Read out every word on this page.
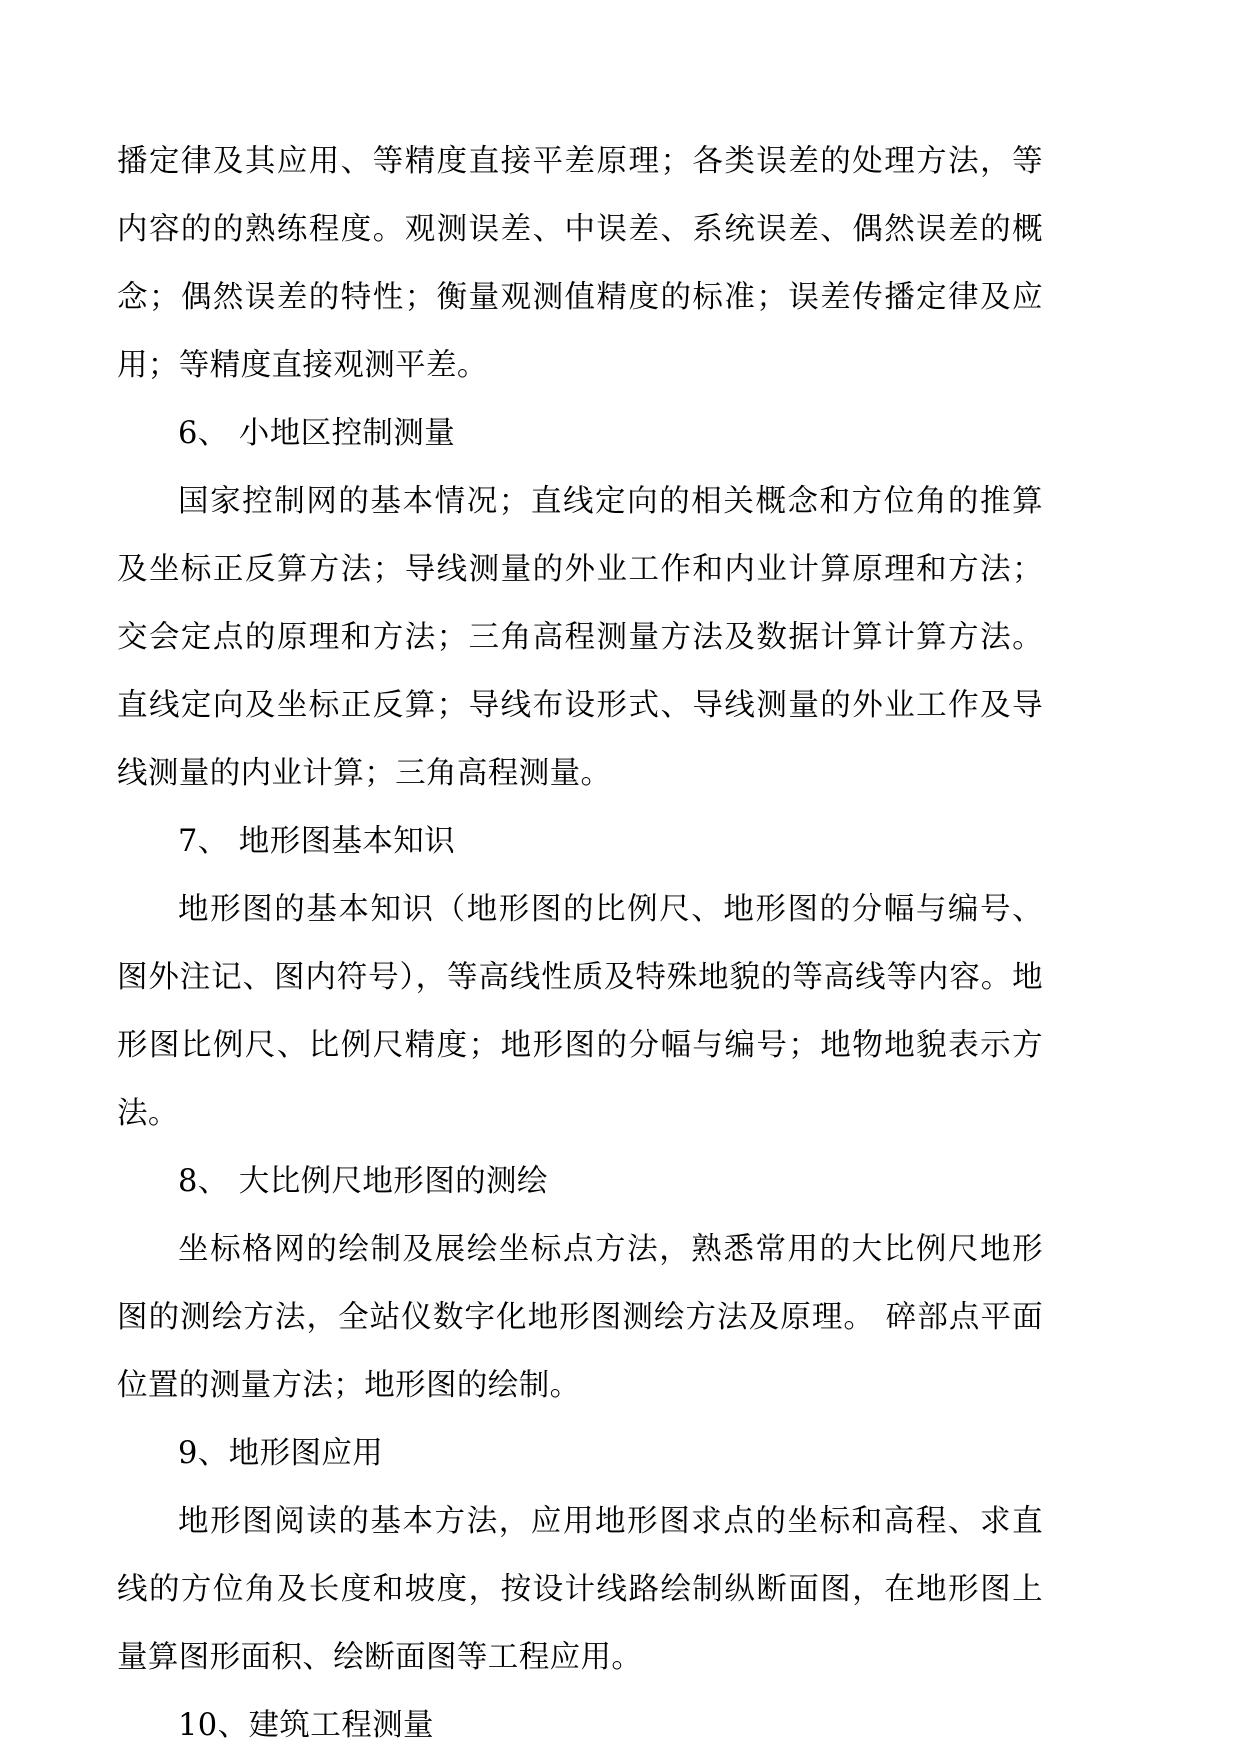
播定律及其应用、等精度直接平差原理；各类误差的处理方法，等内容的的熟练程度。观测误差、中误差、系统误差、偶然误差的概念；偶然误差的特性；衡量观测值精度的标准；误差传播定律及应用；等精度直接观测平差。

6、 小地区控制测量

国家控制网的基本情况；直线定向的相关概念和方位角的推算及坐标正反算方法；导线测量的外业工作和内业计算原理和方法；交会定点的原理和方法；三角高程测量方法及数据计算计算方法。直线定向及坐标正反算；导线布设形式、导线测量的外业工作及导线测量的内业计算；三角高程测量。

7、 地形图基本知识

地形图的基本知识（地形图的比例尺、地形图的分幅与编号、图外注记、图内符号），等高线性质及特殊地貌的等高线等内容。地形图比例尺、比例尺精度；地形图的分幅与编号；地物地貌表示方法。

8、 大比例尺地形图的测绘

坐标格网的绘制及展绘坐标点方法，熟悉常用的大比例尺地形图的测绘方法，全站仪数字化地形图测绘方法及原理。 碎部点平面位置的测量方法；地形图的绘制。

9、地形图应用

地形图阅读的基本方法，应用地形图求点的坐标和高程、求直线的方位角及长度和坡度，按设计线路绘制纵断面图，在地形图上量算图形面积、绘断面图等工程应用。

10、建筑工程测量
